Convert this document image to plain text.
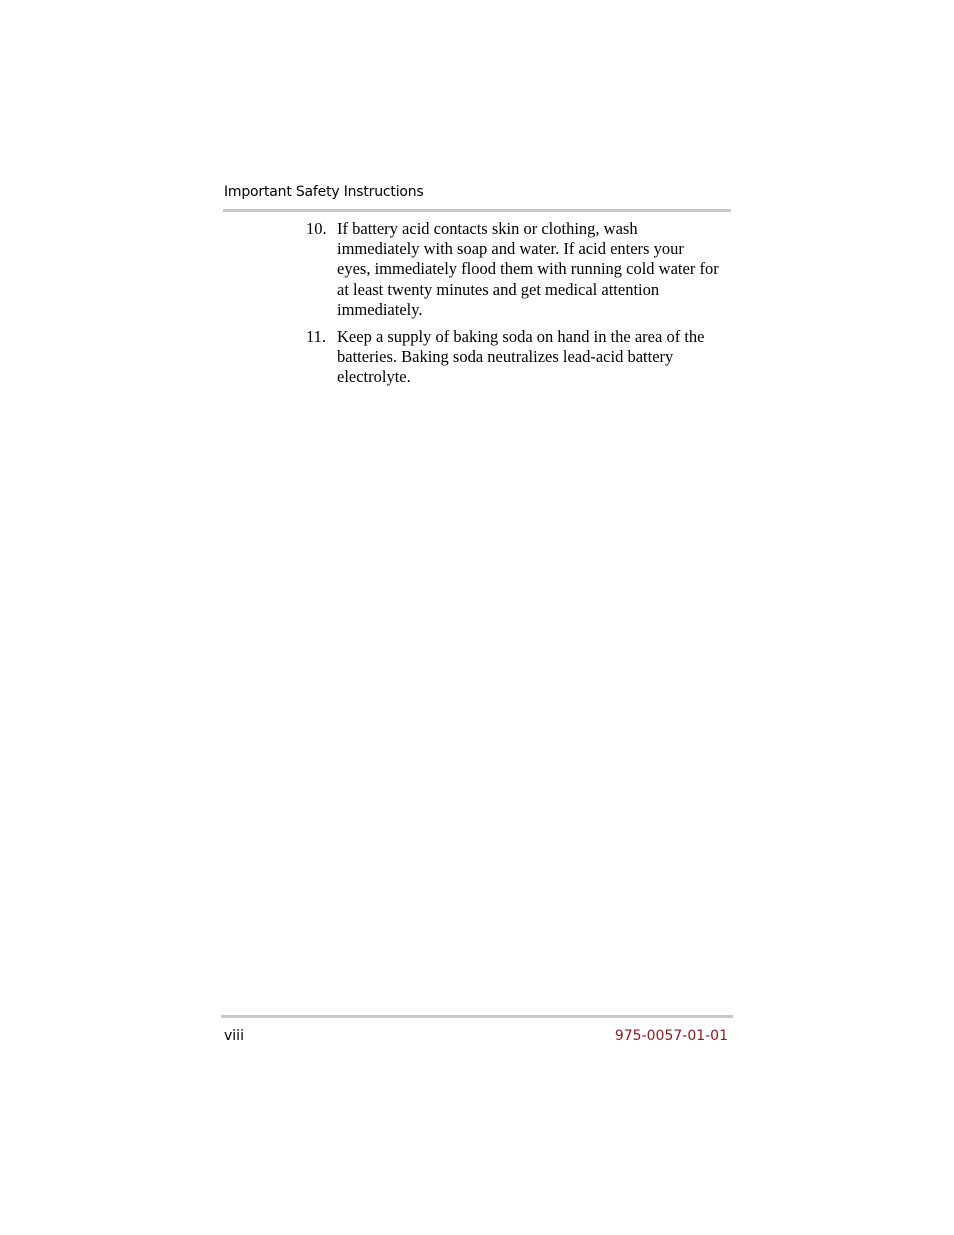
Important Safety Instructions
10. If battery acid contacts skin or clothing, wash
immediately with soap and water. If acid enters your
eyes, immediately flood them with running cold water for
at least twenty minutes and get medical attention
immediately.
11. Keep a supply of baking soda on hand in the area of the
batteries. Baking soda neutralizes lead-acid battery
electrolyte.
viii	975-0057-01-01
